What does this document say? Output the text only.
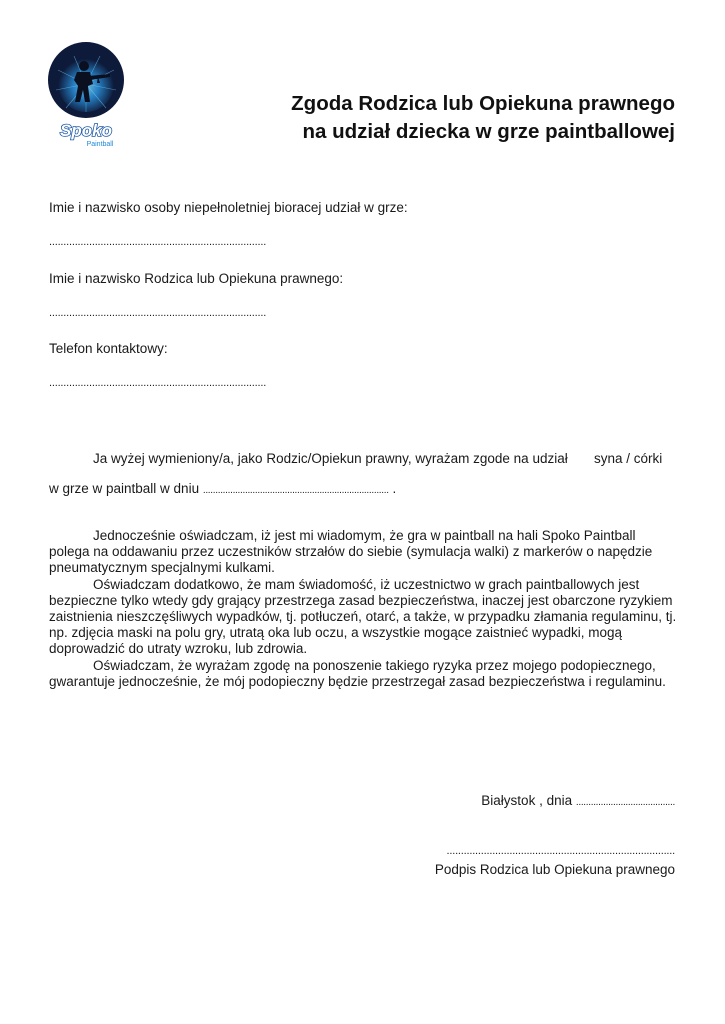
Spoko
Paintball
Zgoda Rodzica lub Opiekuna prawnego
na udział dziecka w grze paintballowej
Imie i nazwisko osoby niepełnoletniej bioracej udział w grze:
............................................................................
Imie i nazwisko Rodzica lub Opiekuna prawnego:
............................................................................
Telefon kontaktowy:
............................................................................
Ja wyżej wymieniony/a, jako Rodzic/Opiekun prawny, wyrażam zgode na udział syna / córki
w grze w paintball w dniu ........................................................................... .

Jednocześnie oświadczam, iż jest mi wiadomym, że gra w paintball na hali Spoko Paintball polega na oddawaniu przez uczestników strzałów do siebie (symulacja walki) z markerów o napędzie pneumatycznym specjalnymi kulkami.

Oświadczam dodatkowo, że mam świadomość, iż uczestnictwo w grach paintballowych jest bezpieczne tylko wtedy gdy grający przestrzega zasad bezpieczeństwa, inaczej jest obarczone ryzykiem zaistnienia nieszczęśliwych wypadków, tj. potłuczeń, otarć, a także, w przypadku złamania regulaminu, tj. np. zdjęcia maski na polu gry, utratą oka lub oczu, a wszystkie mogące zaistnieć wypadki, mogą doprowadzić do utraty wzroku, lub zdrowia.

Oświadczam, że wyrażam zgodę na ponoszenie takiego ryzyka przez mojego podopiecznego, gwarantuje jednocześnie, że mój podopieczny będzie przestrzegał zasad bezpieczeństwa i regulaminu.

Białystok , dnia ........................................
................................................................................
Podpis Rodzica lub Opiekuna prawnego
